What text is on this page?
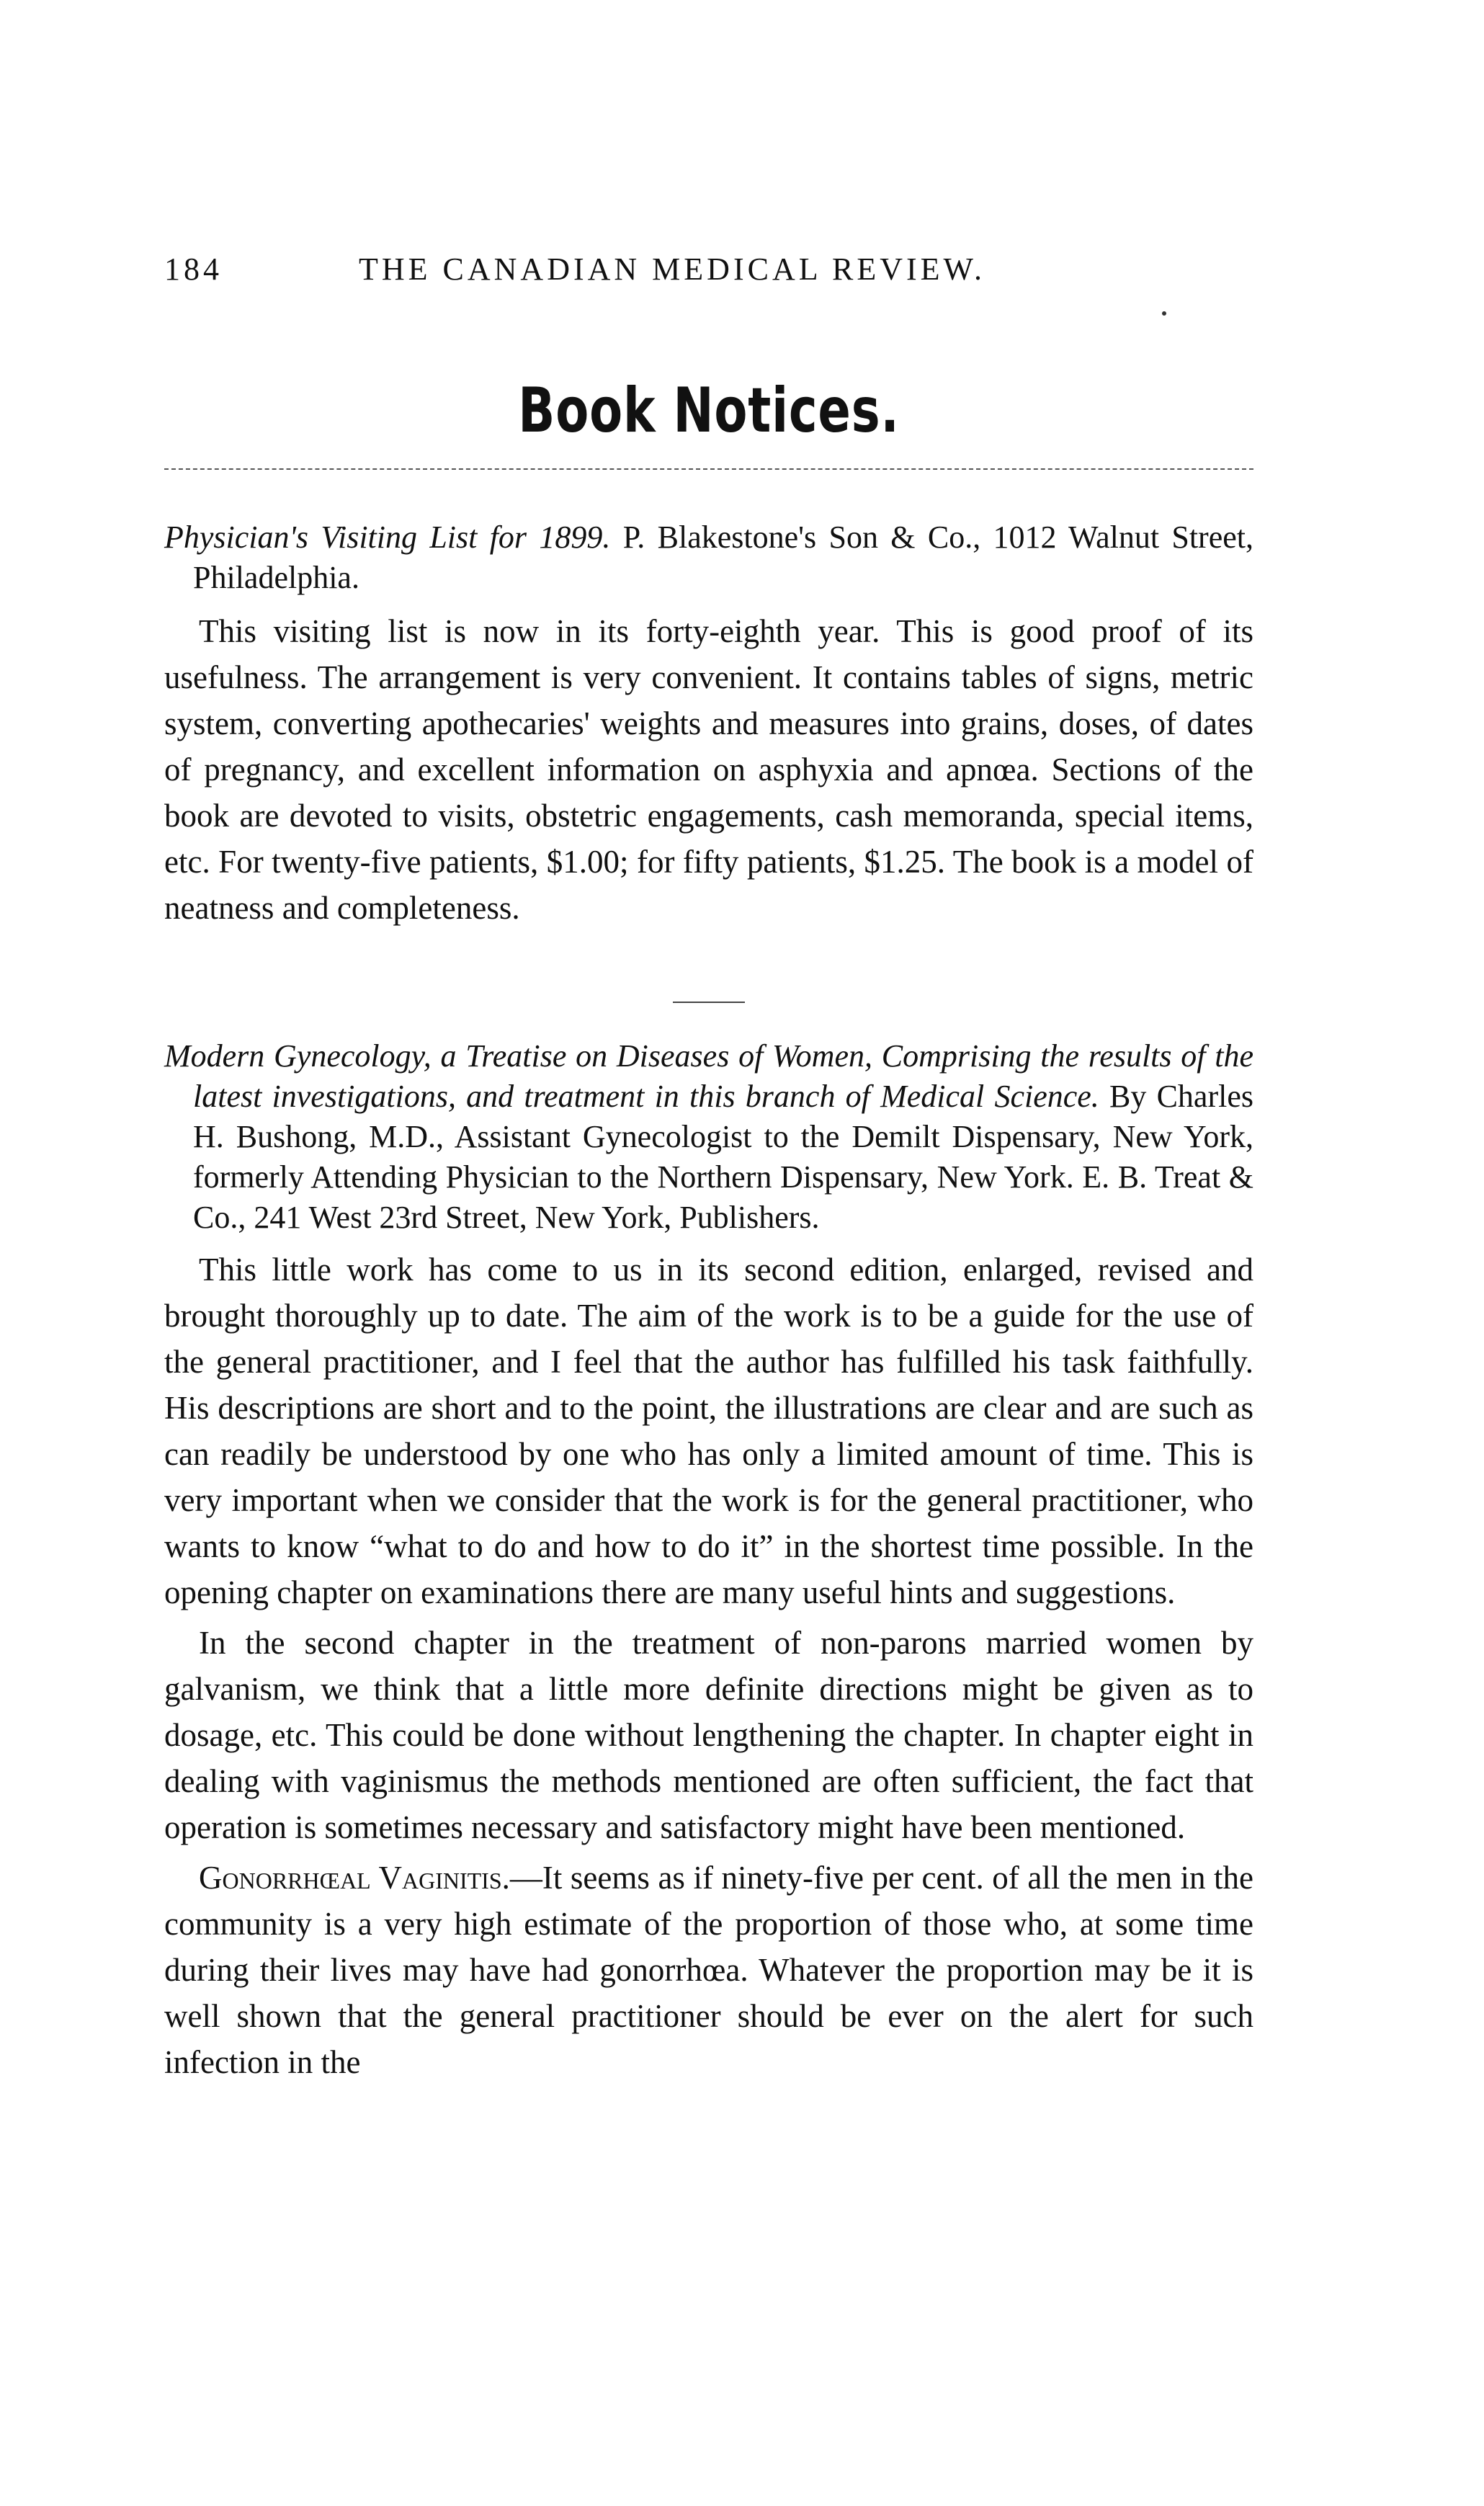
184	THE CANADIAN MEDICAL REVIEW.
Book Notices.
Physician's Visiting List for 1899. P. Blakestone's Son & Co., 1012 Walnut Street, Philadelphia.

This visiting list is now in its forty-eighth year. This is good proof of its usefulness. The arrangement is very convenient. It contains tables of signs, metric system, converting apothecaries' weights and measures into grains, doses, of dates of pregnancy, and excellent information on asphyxia and apnœa. Sections of the book are devoted to visits, obstetric engagements, cash memoranda, special items, etc. For twenty-five patients, $1.00; for fifty patients, $1.25. The book is a model of neatness and completeness.

Modern Gynecology, a Treatise on Diseases of Women, Comprising the results of the latest investigations, and treatment in this branch of Medical Science. By Charles H. Bushong, M.D., Assistant Gynecologist to the Demilt Dispensary, New York, formerly Attending Physician to the Northern Dispensary, New York. E. B. Treat & Co., 241 West 23rd Street, New York, Publishers.

This little work has come to us in its second edition, enlarged, revised and brought thoroughly up to date. The aim of the work is to be a guide for the use of the general practitioner, and I feel that the author has fulfilled his task faithfully. His descriptions are short and to the point, the illustrations are clear and are such as can readily be understood by one who has only a limited amount of time. This is very important when we consider that the work is for the general practitioner, who wants to know “what to do and how to do it” in the shortest time possible. In the opening chapter on examinations there are many useful hints and suggestions.

In the second chapter in the treatment of non-parons married women by galvanism, we think that a little more definite directions might be given as to dosage, etc. This could be done without lengthening the chapter. In chapter eight in dealing with vaginismus the methods mentioned are often sufficient, the fact that operation is sometimes necessary and satisfactory might have been mentioned.

Gonorrhœal Vaginitis.—It seems as if ninety-five per cent. of all the men in the community is a very high estimate of the proportion of those who, at some time during their lives may have had gonorrhœa. Whatever the proportion may be it is well shown that the general practitioner should be ever on the alert for such infection in the
